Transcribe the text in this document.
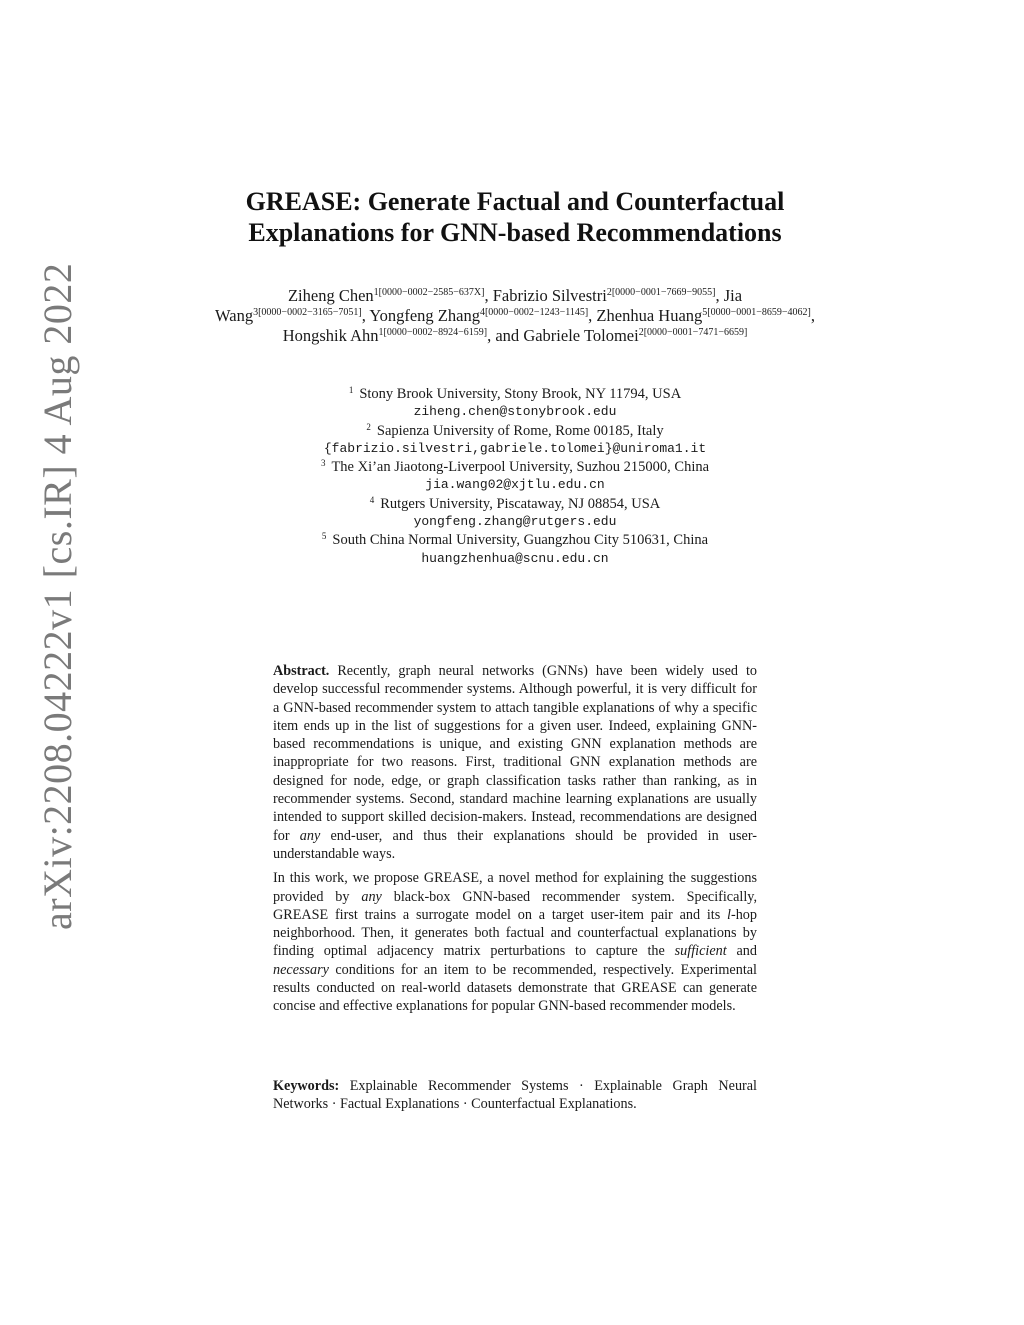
arXiv:2208.04222v1 [cs.IR] 4 Aug 2022
GREASE: Generate Factual and Counterfactual
Explanations for GNN-based Recommendations
Ziheng Chen$^{1[0000-0002-2585-637X]}$, Fabrizio Silvestri$^{2[0000-0001-7669-9055]}$, Jia Wang$^{3[0000-0002-3165-7051]}$, Yongfeng Zhang$^{4[0000-0002-1243-1145]}$, Zhenhua Huang$^{5[0000-0001-8659-4062]}$, Hongshik Ahn$^{1[0000-0002-8924-6159]}$, and Gabriele Tolomei$^{2[0000-0001-7471-6659]}$
$^1$ Stony Brook University, Stony Brook, NY 11794, USA
ziheng.chen@stonybrook.edu
$^2$ Sapienza University of Rome, Rome 00185, Italy
{fabrizio.silvestri,gabriele.tolomei}@uniroma1.it
$^3$ The Xi’an Jiaotong-Liverpool University, Suzhou 215000, China
jia.wang02@xjtlu.edu.cn
$^4$ Rutgers University, Piscataway, NJ 08854, USA
yongfeng.zhang@rutgers.edu
$^5$ South China Normal University, Guangzhou City 510631, China
huangzhenhua@scnu.edu.cn

Abstract. Recently, graph neural networks (GNNs) have been widely used to develop successful recommender systems. Although powerful, it is very difficult for a GNN-based recommender system to attach tangible explanations of why a specific item ends up in the list of suggestions for a given user. Indeed, explaining GNN-based recommendations is unique, and existing GNN explanation methods are inappropriate for two reasons. First, traditional GNN explanation methods are designed for node, edge, or graph classification tasks rather than ranking, as in recommender systems. Second, standard machine learning explanations are usually intended to support skilled decision-makers. Instead, recommendations are designed for any end-user, and thus their explanations should be provided in user-understandable ways.

In this work, we propose GREASE, a novel method for explaining the suggestions provided by any black-box GNN-based recommender system. Specifically, GREASE first trains a surrogate model on a target user-item pair and its l-hop neighborhood. Then, it generates both factual and counterfactual explanations by finding optimal adjacency matrix perturbations to capture the sufficient and necessary conditions for an item to be recommended, respectively. Experimental results conducted on real-world datasets demonstrate that GREASE can generate concise and effective explanations for popular GNN-based recommender models.

Keywords: Explainable Recommender Systems · Explainable Graph Neural Networks · Factual Explanations · Counterfactual Explanations.
